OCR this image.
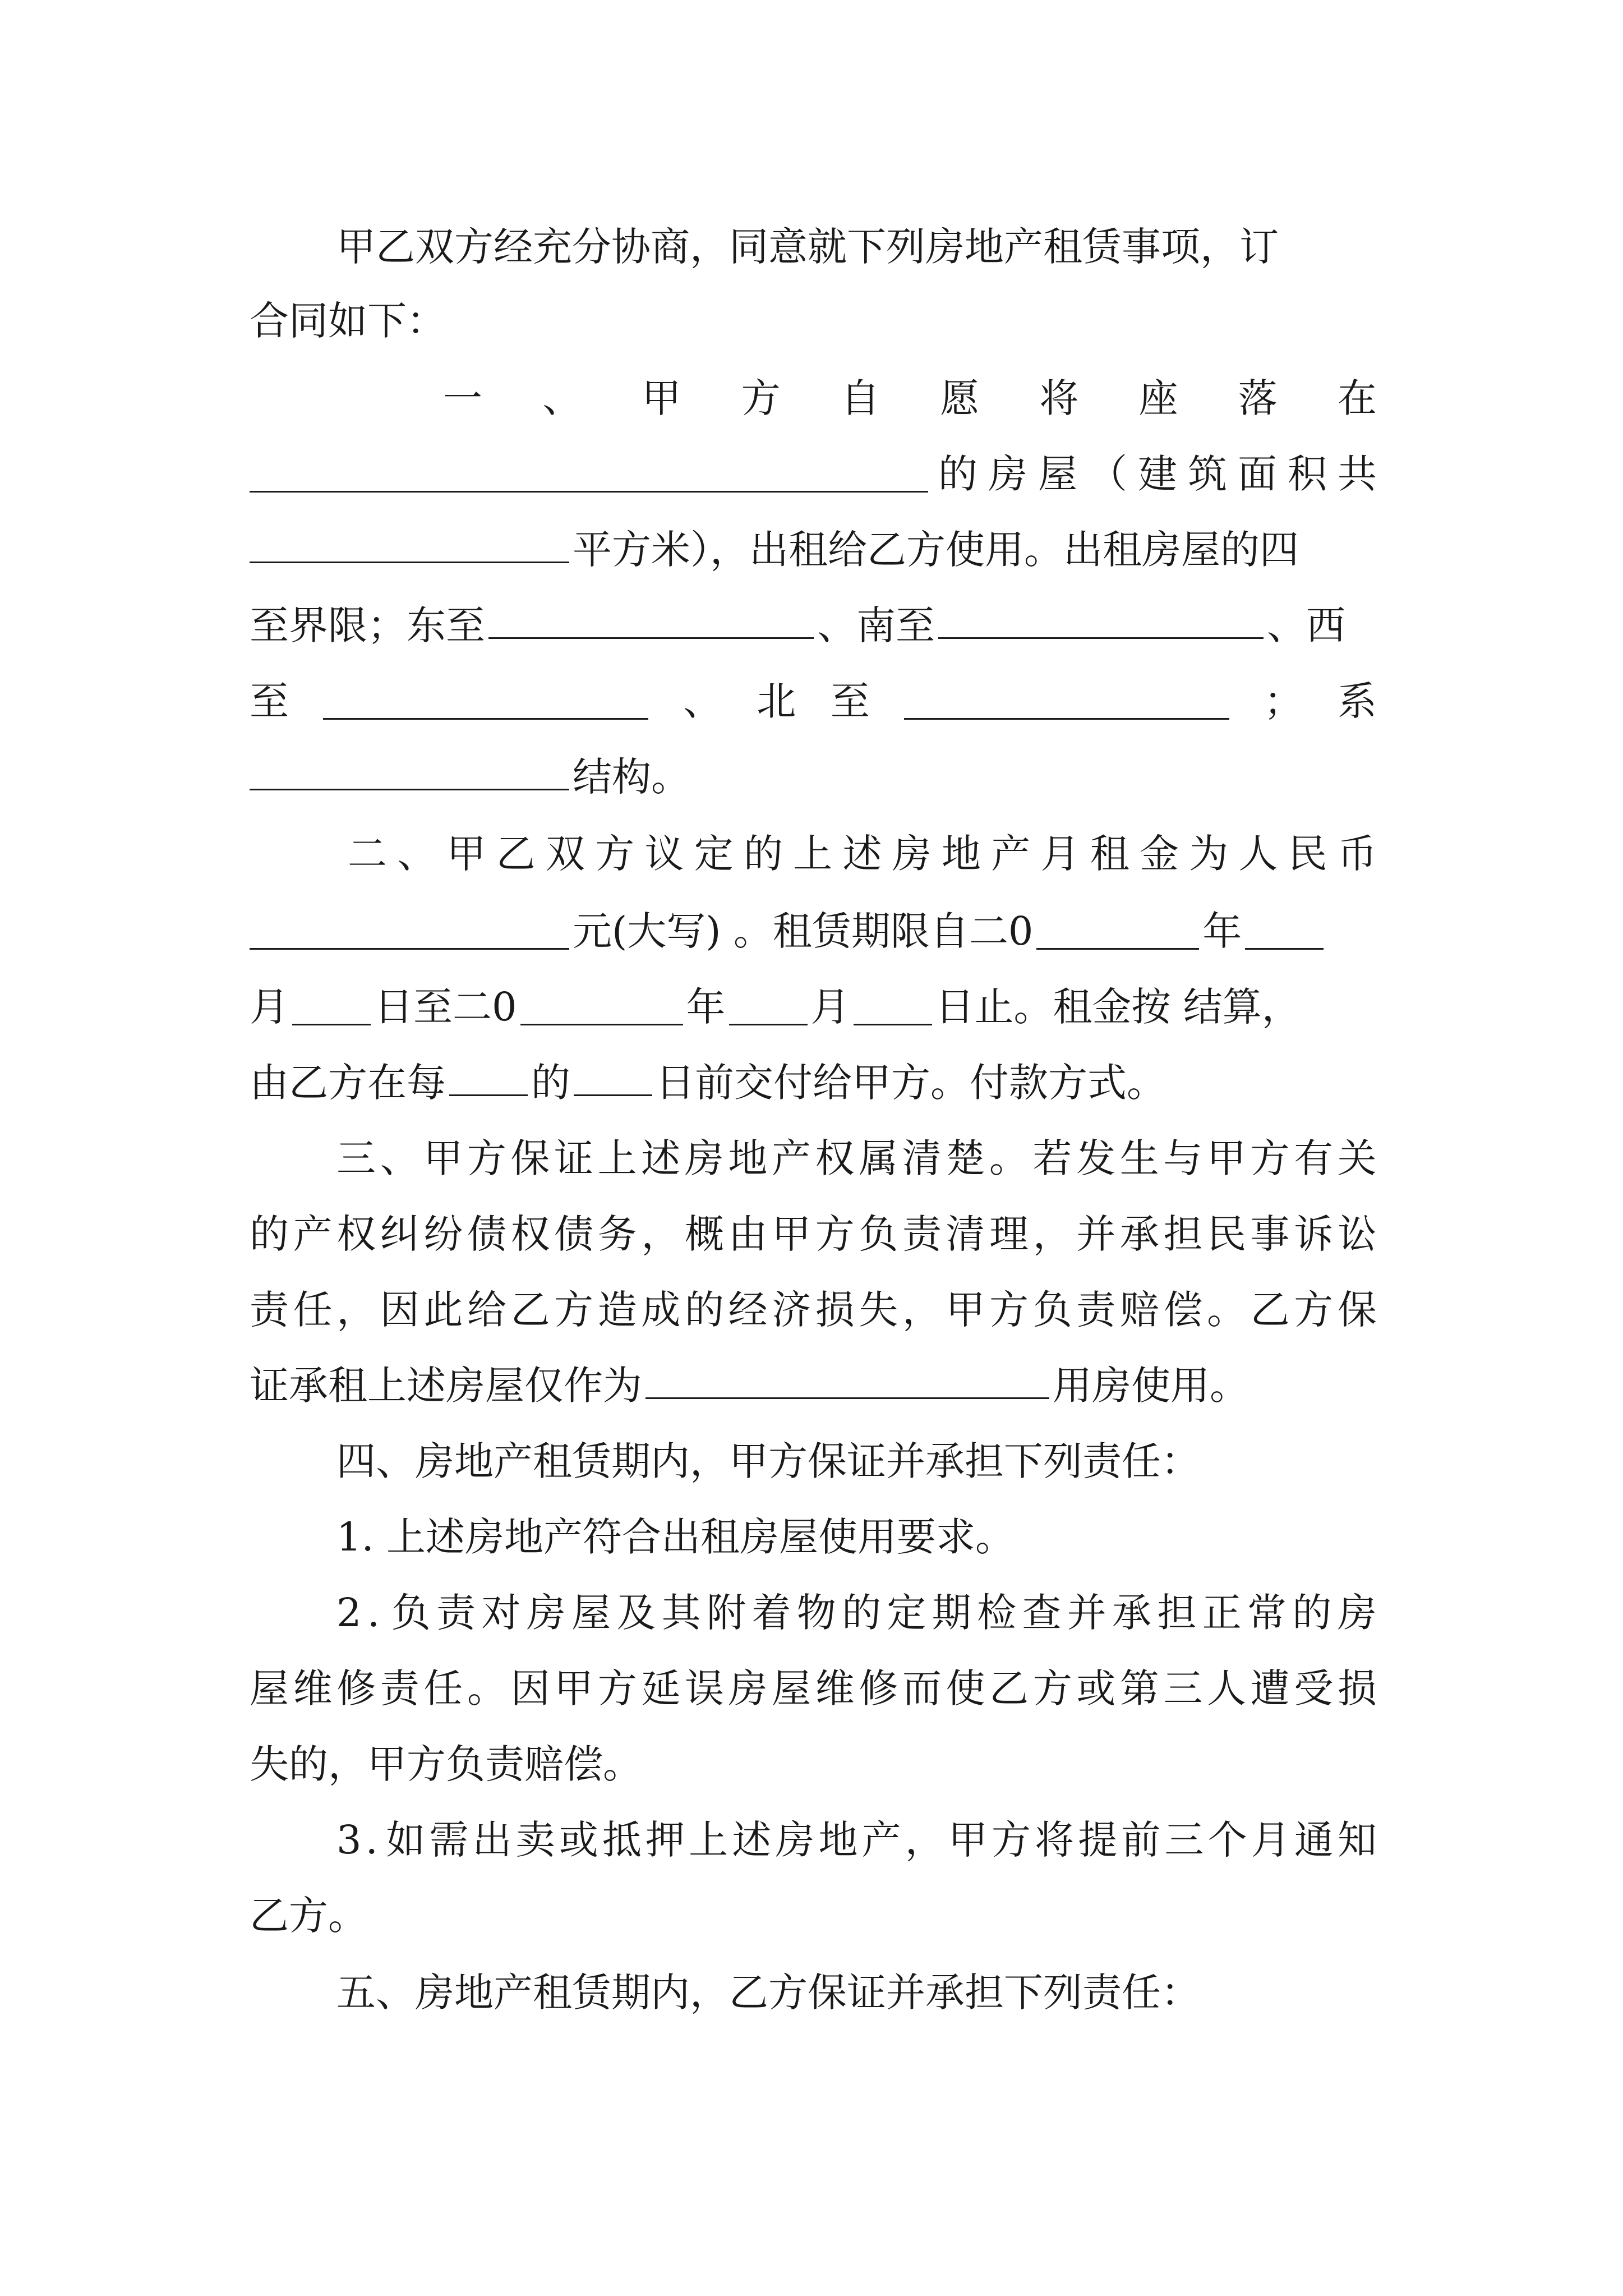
甲乙双方经充分协商，同意就下列房地产租赁事项，订
合同如下：
一 、 甲 方 自 愿 将 座 落 在
的 房 屋 （ 建 筑 面 积 共
平方米），出租给乙方使用。出租房屋的四
至界限；东至	、南至	、西
至	、 北 至	； 系
结构。
二 、 甲 乙 双 方 议 定 的 上 述 房 地 产 月 租 金 为 人 民 币
元(大写) 。租赁期限自二0	年
月 日至二0	年 月 日止。租金按 结算，
由乙方在每 的 日前交付给甲方。付款方式。
三 、 甲 方 保 证 上 述 房 地 产 权 属 清 楚 。 若 发 生 与 甲 方 有 关
的 产 权 纠 纷 债 权 债 务 ， 概 由 甲 方 负 责 清 理 ， 并 承 担 民 事 诉 讼
责 任 ， 因 此 给 乙 方 造 成 的 经 济 损 失 ， 甲 方 负 责 赔 偿 。 乙 方 保
证承租上述房屋仅作为	用房使用。
四、房地产租赁期内，甲方保证并承担下列责任：
1. 上述房地产符合出租房屋使用要求。
2 . 负 责 对 房 屋 及 其 附 着 物 的 定 期 检 查 并 承 担 正 常 的 房
屋 维 修 责 任 。 因 甲 方 延 误 房 屋 维 修 而 使 乙 方 或 第 三 人 遭 受 损
失的，甲方负责赔偿。
3 . 如 需 出 卖 或 抵 押 上 述 房 地 产 ， 甲 方 将 提 前 三 个 月 通 知
乙方。
五、房地产租赁期内，乙方保证并承担下列责任：
